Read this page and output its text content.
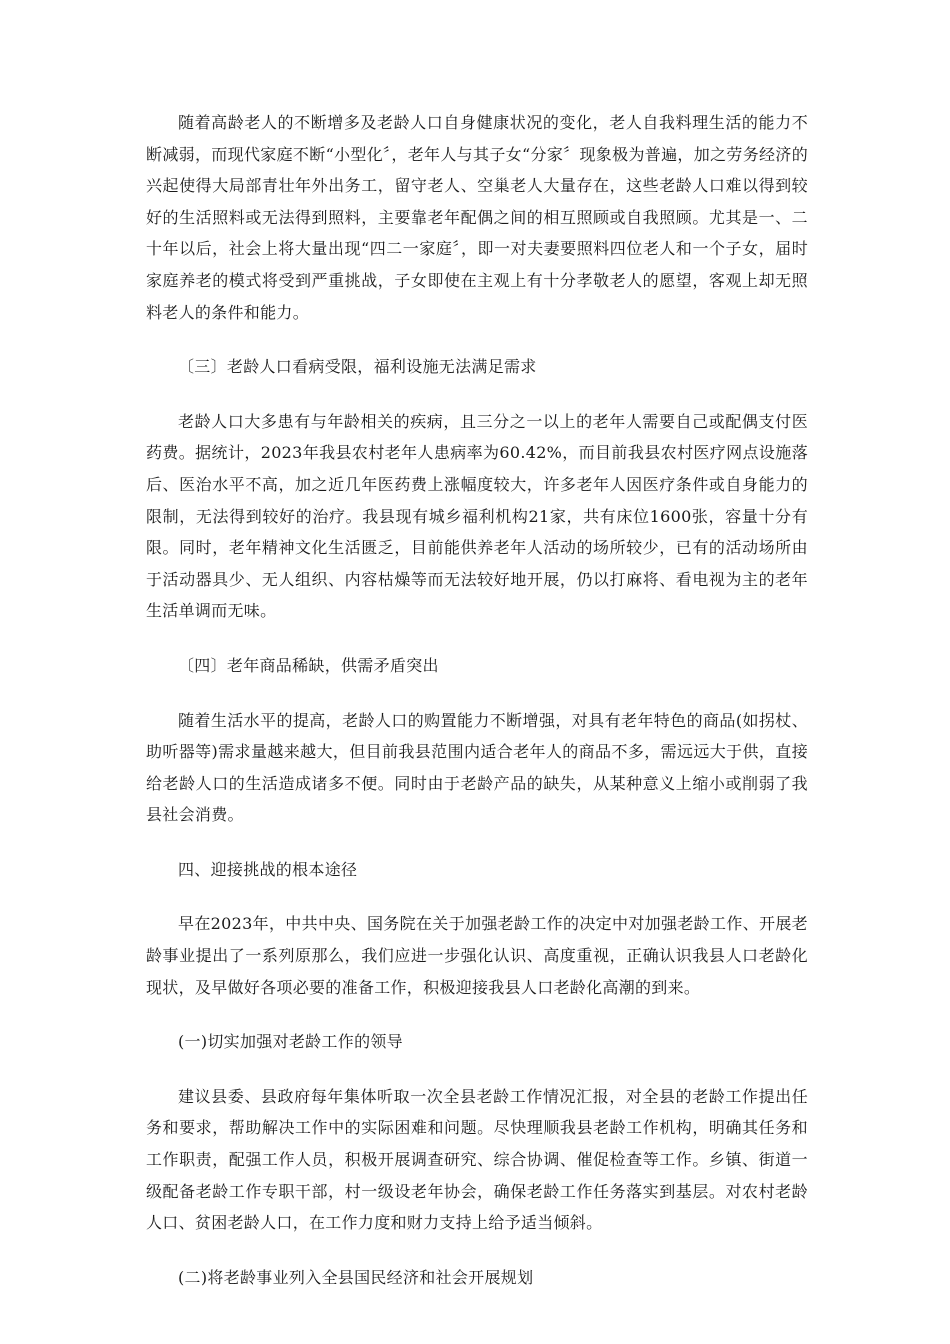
随着高龄老人的不断增多及老龄人口自身健康状况的变化，老人自我料理生活的能力不断减弱，而现代家庭不断“小型化〞，老年人与其子女“分家〞现象极为普遍，加之劳务经济的兴起使得大局部青壮年外出务工，留守老人、空巢老人大量存在，这些老龄人口难以得到较好的生活照料或无法得到照料，主要靠老年配偶之间的相互照顾或自我照顾。尤其是一、二十年以后，社会上将大量出现“四二一家庭〞，即一对夫妻要照料四位老人和一个子女，届时家庭养老的模式将受到严重挑战，子女即使在主观上有十分孝敬老人的愿望，客观上却无照料老人的条件和能力。

〔三〕老龄人口看病受限，福利设施无法满足需求

老龄人口大多患有与年龄相关的疾病，且三分之一以上的老年人需要自己或配偶支付医药费。据统计，2023年我县农村老年人患病率为60.42%，而目前我县农村医疗网点设施落后、医治水平不高，加之近几年医药费上涨幅度较大，许多老年人因医疗条件或自身能力的限制，无法得到较好的治疗。我县现有城乡福利机构21家，共有床位1600张，容量十分有限。同时，老年精神文化生活匮乏，目前能供养老年人活动的场所较少，已有的活动场所由于活动器具少、无人组织、内容枯燥等而无法较好地开展，仍以打麻将、看电视为主的老年生活单调而无味。

〔四〕老年商品稀缺，供需矛盾突出

随着生活水平的提高，老龄人口的购置能力不断增强，对具有老年特色的商品(如拐杖、助听器等)需求量越来越大，但目前我县范围内适合老年人的商品不多，需远远大于供，直接给老龄人口的生活造成诸多不便。同时由于老龄产品的缺失，从某种意义上缩小或削弱了我县社会消费。

四、迎接挑战的根本途径

早在2023年，中共中央、国务院在关于加强老龄工作的决定中对加强老龄工作、开展老龄事业提出了一系列原那么，我们应进一步强化认识、高度重视，正确认识我县人口老龄化现状，及早做好各项必要的准备工作，积极迎接我县人口老龄化高潮的到来。

(一)切实加强对老龄工作的领导

建议县委、县政府每年集体听取一次全县老龄工作情况汇报，对全县的老龄工作提出任务和要求，帮助解决工作中的实际困难和问题。尽快理顺我县老龄工作机构，明确其任务和工作职责，配强工作人员，积极开展调查研究、综合协调、催促检查等工作。乡镇、街道一级配备老龄工作专职干部，村一级设老年协会，确保老龄工作任务落实到基层。对农村老龄人口、贫困老龄人口，在工作力度和财力支持上给予适当倾斜。

(二)将老龄事业列入全县国民经济和社会开展规划
